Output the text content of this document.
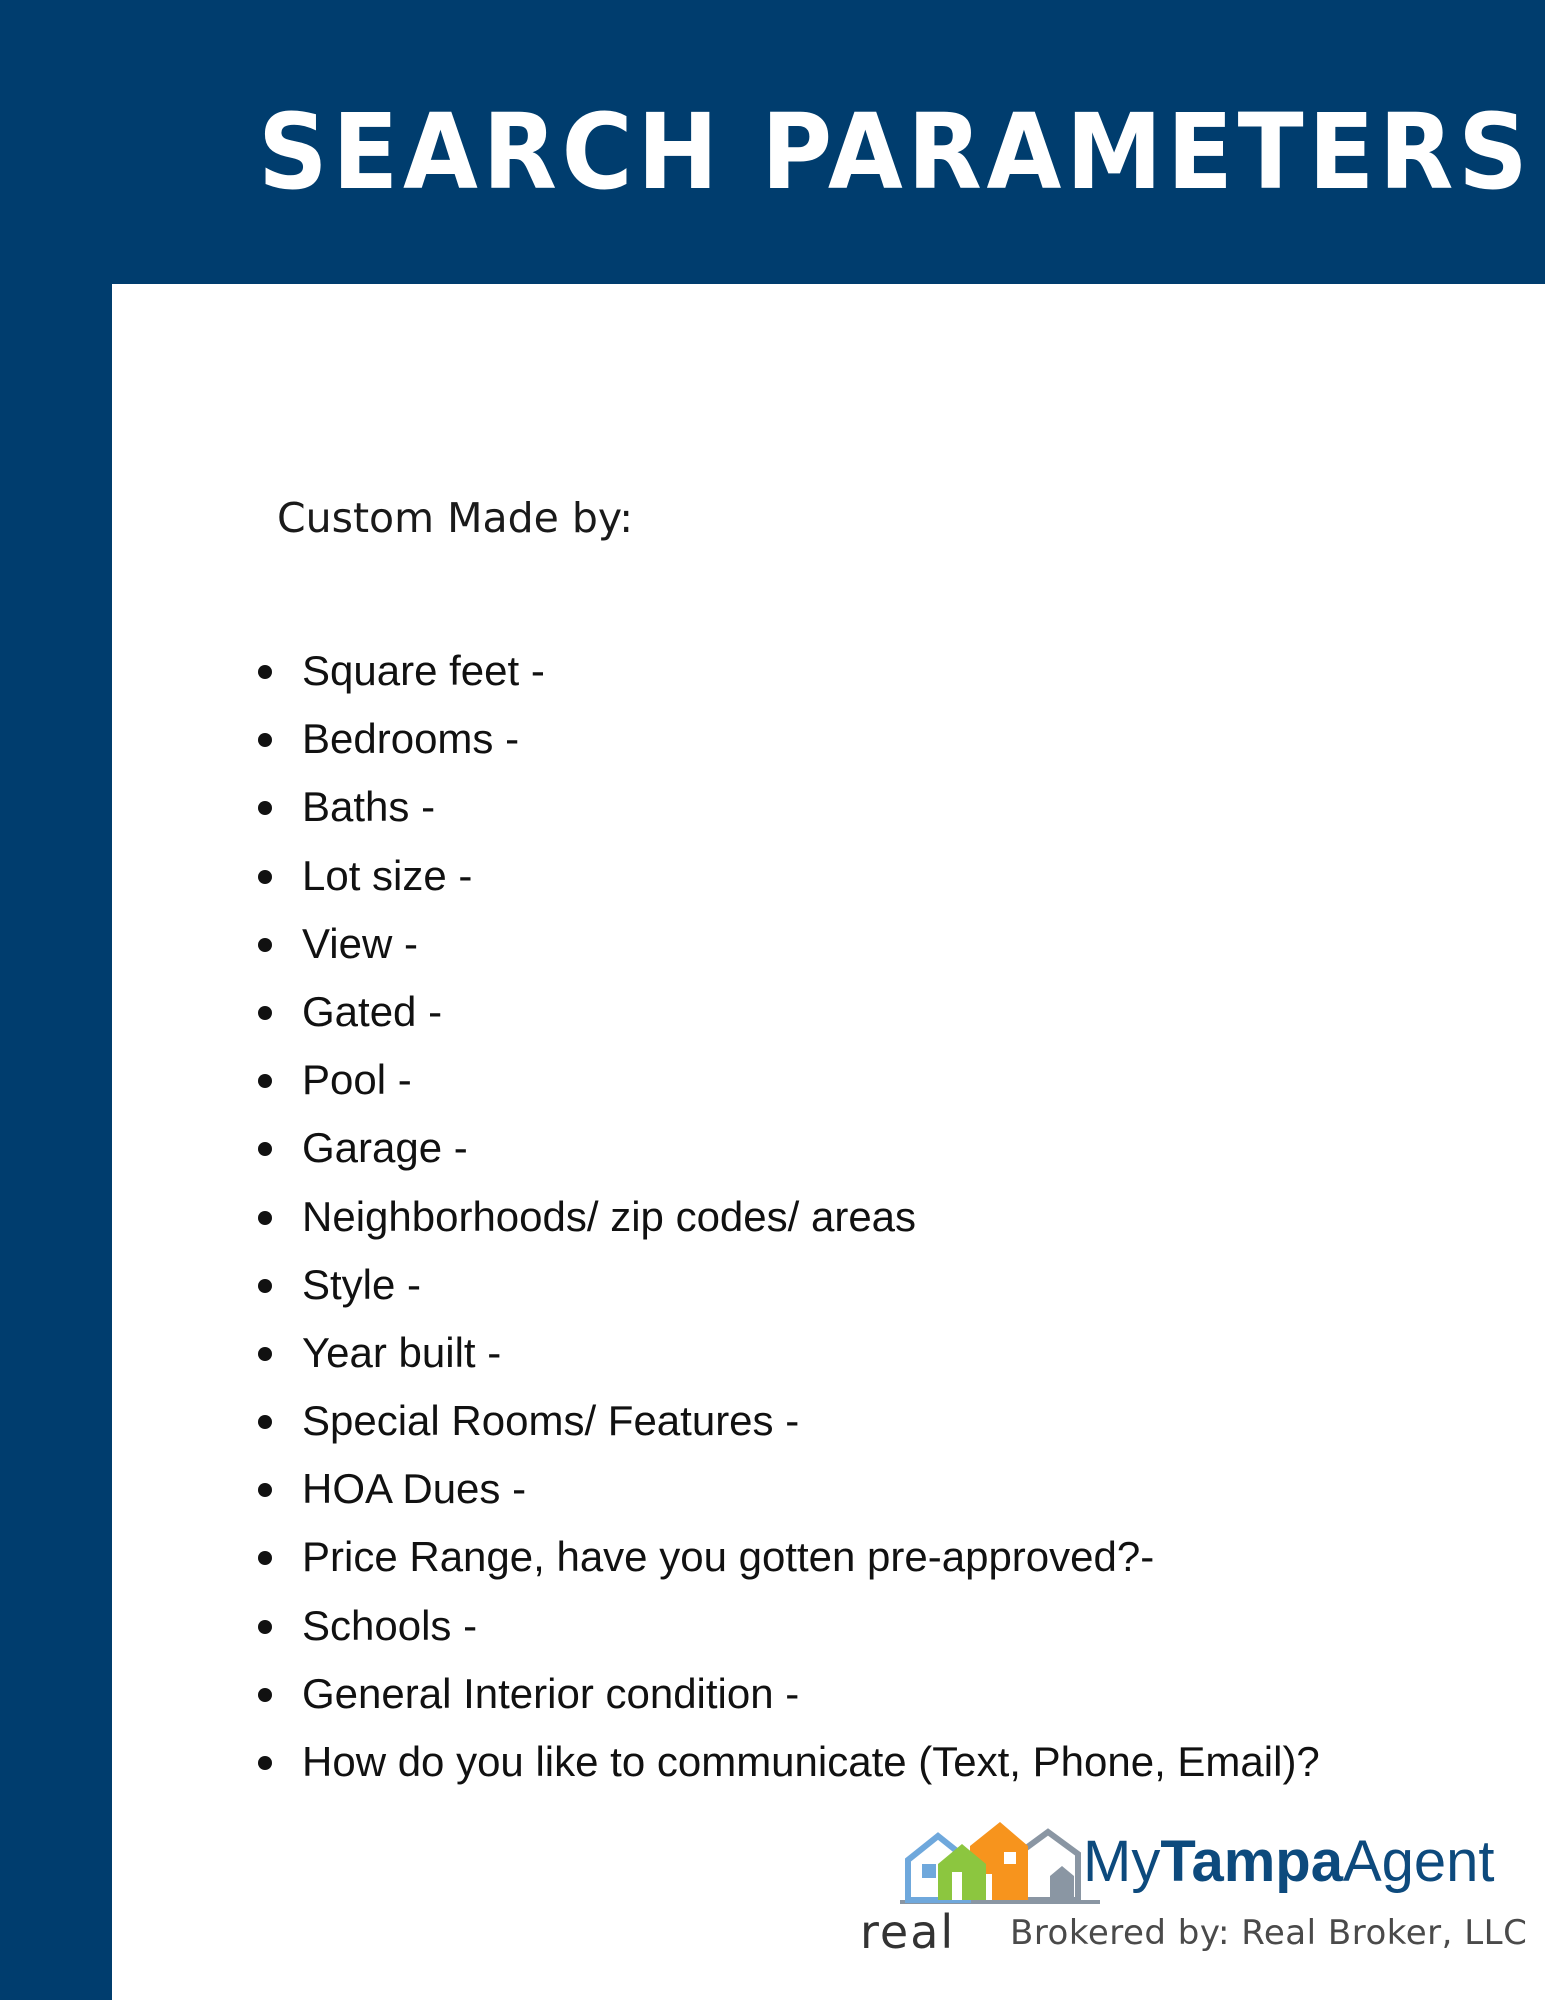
SEARCH PARAMETERS
Custom Made by:
Square feet -
Bedrooms -
Baths -
Lot size -
View -
Gated -
Pool -
Garage -
Neighborhoods/ zip codes/ areas
Style -
Year built -
Special Rooms/ Features -
HOA Dues -
Price Range, have you gotten pre-approved?-
Schools -
General Interior condition -
How do you like to communicate (Text, Phone, Email)?
MyTampaAgent
real Brokered by: Real Broker, LLC
